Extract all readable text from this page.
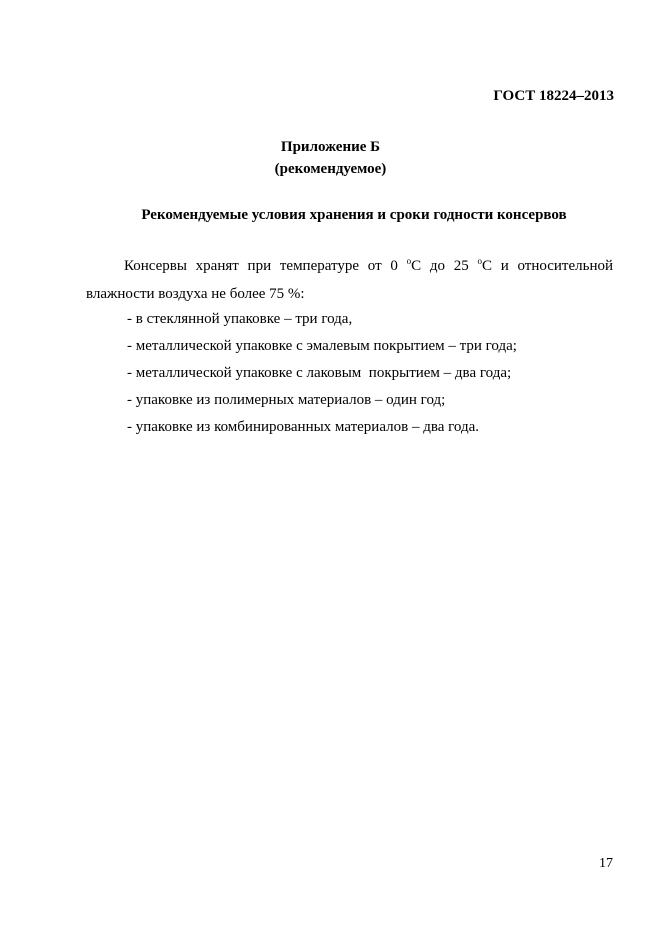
ГОСТ 18224–2013
Приложение Б
(рекомендуемое)
Рекомендуемые условия хранения и сроки годности консервов
Консервы хранят при температуре от 0 $^о$С до 25 $^о$С и относительной
влажности воздуха не более 75 %:
- в стеклянной упаковке – три года,
- металлической упаковке с эмалевым покрытием – три года;
- металлической упаковке с лаковым  покрытием – два года;
- упаковке из полимерных материалов – один год;
- упаковке из комбинированных материалов – два года.
17
